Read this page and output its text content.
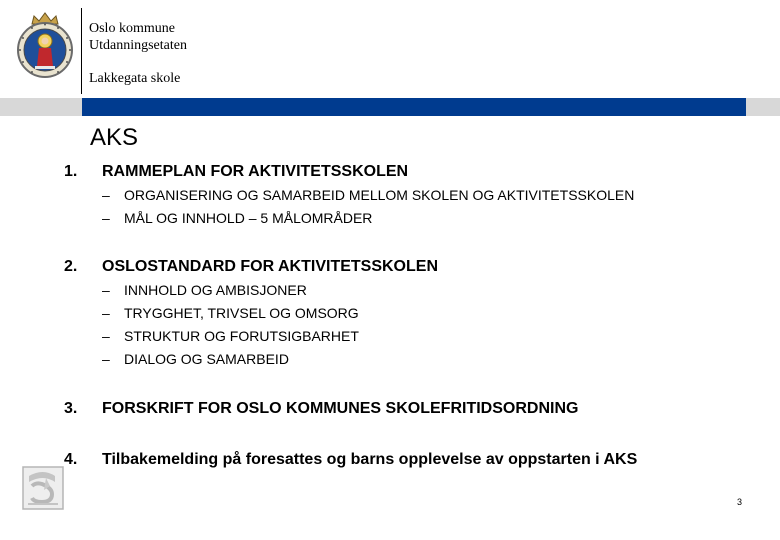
Oslo kommune
Utdanningsetaten
Lakkegata skole
AKS
1. RAMMEPLAN FOR AKTIVITETSSKOLEN
– ORGANISERING OG SAMARBEID MELLOM SKOLEN OG AKTIVITETSSKOLEN
– MÅL OG INNHOLD – 5 MÅLOMRÅDER
2. OSLOSTANDARD FOR AKTIVITETSSKOLEN
– INNHOLD OG AMBISJONER
– TRYGGHET, TRIVSEL OG OMSORG
– STRUKTUR OG FORUTSIGBARHET
– DIALOG OG SAMARBEID
3. FORSKRIFT FOR OSLO KOMMUNES SKOLEFRITIDSORDNING
4. Tilbakemelding på foresattes og barns opplevelse av oppstarten i AKS
3
